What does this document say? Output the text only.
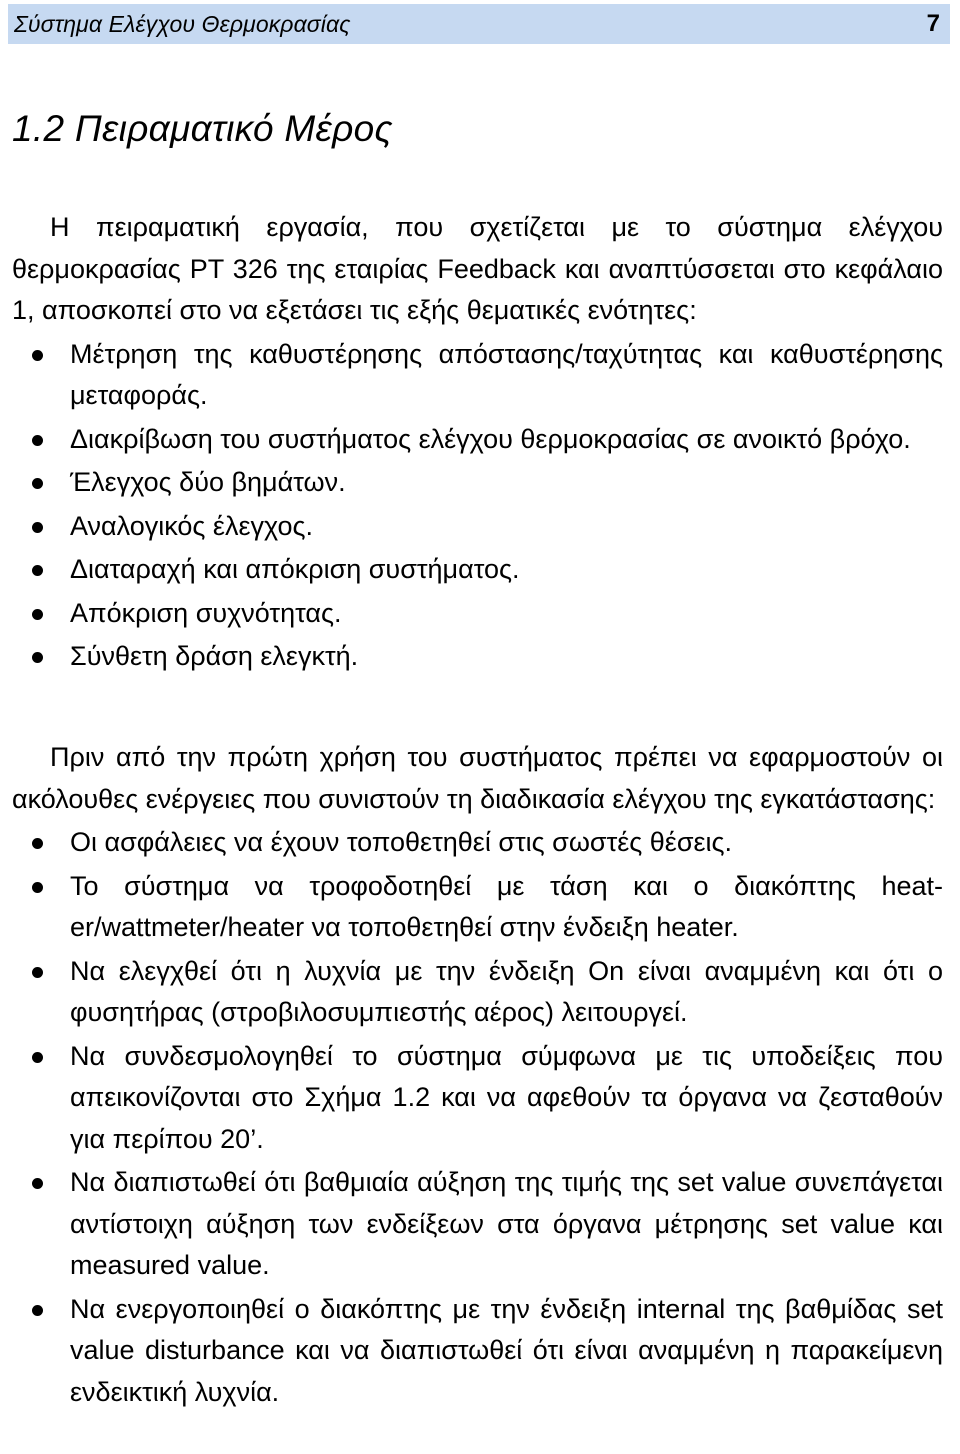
Σύστημα Ελέγχου Θερμοκρασίας	7
1.2 Πειραματικό Μέρος

Η πειραματική εργασία, που σχετίζεται με το σύστημα ελέγχου θερμοκρασίας PT 326 της εταιρίας Feedback και αναπτύσσεται στο κεφάλαιο 1, αποσκοπεί στο να εξετάσει τις εξής θεματικές ενότητες:

Μέτρηση της καθυστέρησης απόστασης/ταχύτητας και καθυστέρησης μεταφοράς.
Διακρίβωση του συστήματος ελέγχου θερμοκρασίας σε ανοικτό βρόχο.
Έλεγχος δύο βημάτων.
Αναλογικός έλεγχος.
Διαταραχή και απόκριση συστήματος.
Απόκριση συχνότητας.
Σύνθετη δράση ελεγκτή.

Πριν από την πρώτη χρήση του συστήματος πρέπει να εφαρμοστούν οι ακόλουθες ενέργειες που συνιστούν τη διαδικασία ελέγχου της εγκατάστασης:

Οι ασφάλειες να έχουν τοποθετηθεί στις σωστές θέσεις.
Το σύστημα να τροφοδοτηθεί με τάση και ο διακόπτης heater/wattmeter/heater να τοποθετηθεί στην ένδειξη heater.
Να ελεγχθεί ότι η λυχνία με την ένδειξη On είναι αναμμένη και ότι ο φυσητήρας (στροβιλοσυμπιεστής αέρος) λειτουργεί.
Να συνδεσμολογηθεί το σύστημα σύμφωνα με τις υποδείξεις που απεικονίζονται στο Σχήμα 1.2 και να αφεθούν τα όργανα να ζεσταθούν για περίπου 20’.
Να διαπιστωθεί ότι βαθμιαία αύξηση της τιμής της set value συνεπάγεται αντίστοιχη αύξηση των ενδείξεων στα όργανα μέτρησης set value και measured value.
Να ενεργοποιηθεί ο διακόπτης με την ένδειξη internal της βαθμίδας set value disturbance και να διαπιστωθεί ότι είναι αναμμένη η παρακείμενη ενδεικτική λυχνία.
